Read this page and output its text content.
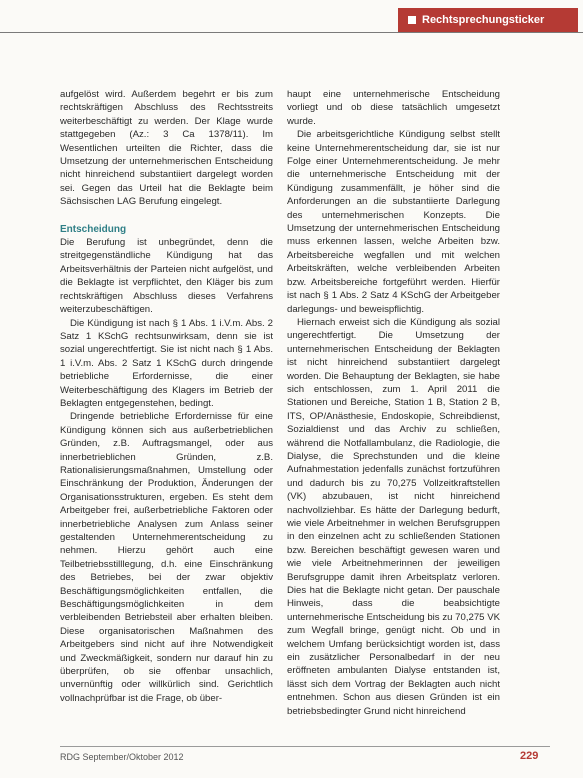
Rechtsprechungsticker

aufgelöst wird. Außerdem begehrt er bis zum rechtskräftigen Abschluss des Rechtsstreits weiterbeschäftigt zu werden. Der Klage wurde stattgegeben (Az.: 3 Ca 1378/11). Im Wesentlichen urteilten die Richter, dass die Umsetzung der unternehmerischen Entscheidung nicht hinreichend substantiiert dargelegt worden sei. Gegen das Urteil hat die Beklagte beim Sächsischen LAG Berufung eingelegt.

Entscheidung

Die Berufung ist unbegründet, denn die streitgegenständliche Kündigung hat das Arbeitsverhältnis der Parteien nicht aufgelöst, und die Beklagte ist verpflichtet, den Kläger bis zum rechtskräftigen Abschluss dieses Verfahrens weiterzubeschäftigen.

Die Kündigung ist nach § 1 Abs. 1 i.V.m. Abs. 2 Satz 1 KSchG rechtsunwirksam, denn sie ist sozial ungerechtfertigt. Sie ist nicht nach § 1 Abs. 1 i.V.m. Abs. 2 Satz 1 KSchG durch dringende betriebliche Erfordernisse, die einer Weiterbeschäftigung des Klagers im Betrieb der Beklagten entgegenstehen, bedingt.

Dringende betriebliche Erfordernisse für eine Kündigung können sich aus außerbetrieblichen Gründen, z.B. Auftragsmangel, oder aus innerbetrieblichen Gründen, z.B. Rationalisierungsmaßnahmen, Umstellung oder Einschränkung der Produktion, Änderungen der Organisationsstrukturen, ergeben. Es steht dem Arbeitgeber frei, außerbetriebliche Faktoren oder innerbetriebliche Analysen zum Anlass seiner gestaltenden Unternehmerentscheidung zu nehmen. Hierzu gehört auch eine Teilbetriebsstilllegung, d.h. eine Einschränkung des Betriebes, bei der zwar objektiv Beschäftigungsmöglichkeiten entfallen, die Beschäftigungsmöglichkeiten in dem verbleibenden Betriebsteil aber erhalten bleiben. Diese organisatorischen Maßnahmen des Arbeitgebers sind nicht auf ihre Notwendigkeit und Zweckmäßigkeit, sondern nur darauf hin zu überprüfen, ob sie offenbar unsachlich, unvernünftig oder willkürlich sind. Gerichtlich vollnachprüfbar ist die Frage, ob über-

haupt eine unternehmerische Entscheidung vorliegt und ob diese tatsächlich umgesetzt wurde.

Die arbeitsgerichtliche Kündigung selbst stellt keine Unternehmerentscheidung dar, sie ist nur Folge einer Unternehmerentscheidung. Je mehr die unternehmerische Entscheidung mit der Kündigung zusammenfällt, je höher sind die Anforderungen an die substantiierte Darlegung des unternehmerischen Konzepts. Die Umsetzung der unternehmerischen Entscheidung muss erkennen lassen, welche Arbeiten bzw. Arbeitsbereiche wegfallen und mit welchen Arbeitskräften, welche verbleibenden Arbeiten bzw. Arbeitsbereiche fortgeführt werden. Hierfür ist nach § 1 Abs. 2 Satz 4 KSchG der Arbeitgeber darlegungs- und beweispflichtig.

Hiernach erweist sich die Kündigung als sozial ungerechtfertigt. Die Umsetzung der unternehmerischen Entscheidung der Beklagten ist nicht hinreichend substantiiert dargelegt worden. Die Behauptung der Beklagten, sie habe sich entschlossen, zum 1. April 2011 die Stationen und Bereiche, Station 1 B, Station 2 B, ITS, OP/Anästhesie, Endoskopie, Schreibdienst, Sozialdienst und das Archiv zu schließen, während die Notfallambulanz, die Radiologie, die Dialyse, die Sprechstunden und die kleine Aufnahmestation jedenfalls zunächst fortzuführen und dadurch bis zu 70,275 Vollzeitkraftstellen (VK) abzubauen, ist nicht hinreichend nachvollziehbar. Es hätte der Darlegung bedurft, wie viele Arbeitnehmer in welchen Berufsgruppen in den einzelnen acht zu schließenden Stationen bzw. Bereichen beschäftigt gewesen waren und wie viele Arbeitnehmerinnen der jeweiligen Berufsgruppe damit ihren Arbeitsplatz verloren. Dies hat die Beklagte nicht getan. Der pauschale Hinweis, dass die beabsichtigte unternehmerische Entscheidung bis zu 70,275 VK zum Wegfall bringe, genügt nicht. Ob und in welchem Umfang berücksichtigt worden ist, dass ein zusätzlicher Personalbedarf in der neu eröffneten ambulanten Dialyse entstanden ist, lässt sich dem Vortrag der Beklagten auch nicht entnehmen. Schon aus diesen Gründen ist ein betriebsbedingter Grund nicht hinreichend

RDG September/Oktober 2012	229
